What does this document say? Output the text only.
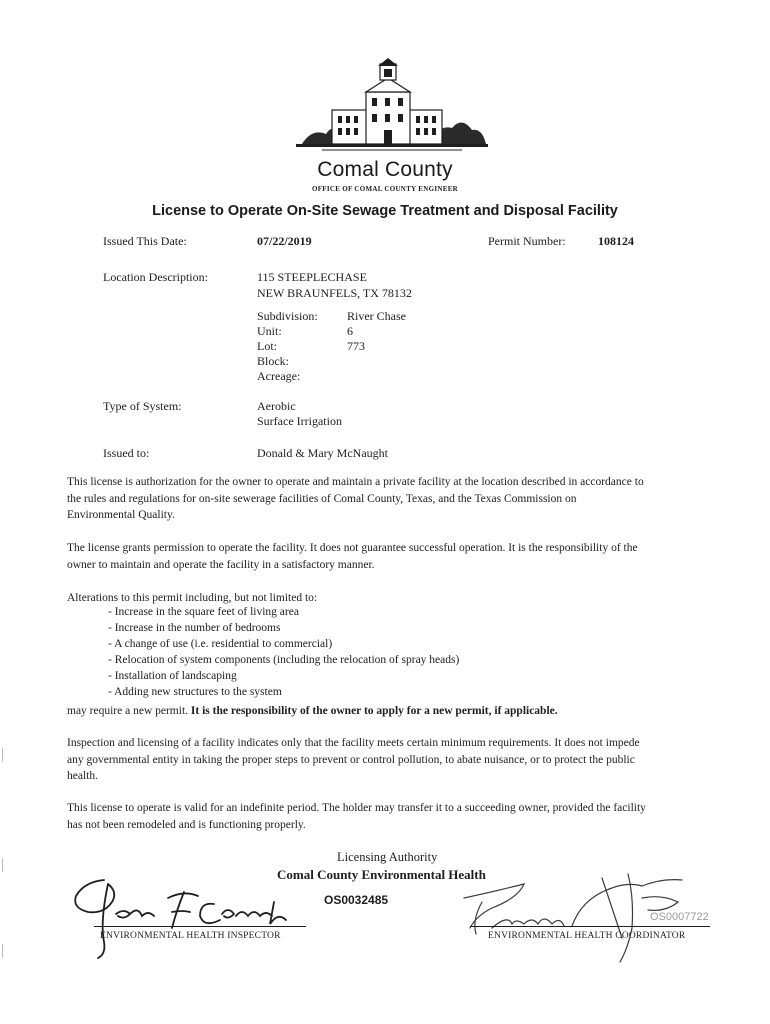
Comal County
OFFICE OF COMAL COUNTY ENGINEER
License to Operate On-Site Sewage Treatment and Disposal Facility
Issued This Date:	07/22/2019	Permit Number:	108124
Location Description:	115 STEEPLECHASE
NEW BRAUNFELS, TX 78132
Subdivision: River Chase
Unit:	6
Lot:	773
Block:
Acreage:
Type of System:	Aerobic
Surface Irrigation
Issued to:	Donald & Mary McNaught
This license is authorization for the owner to operate and maintain a private facility at the location described in accordance to the rules and regulations for on-site sewerage facilities of Comal County, Texas, and the Texas Commission on Environmental Quality.
The license grants permission to operate the facility. It does not guarantee successful operation. It is the responsibility of the owner to maintain and operate the facility in a satisfactory manner.
Alterations to this permit including, but not limited to:
- Increase in the square feet of living area
- Increase in the number of bedrooms
- A change of use (i.e. residential to commercial)
- Relocation of system components (including the relocation of spray heads)
- Installation of landscaping
- Adding new structures to the system
may require a new permit. It is the responsibility of the owner to apply for a new permit, if applicable.
Inspection and licensing of a facility indicates only that the facility meets certain minimum requirements. It does not impede any governmental entity in taking the proper steps to prevent or control pollution, to abate nuisance, or to protect the public health.
This license to operate is valid for an indefinite period. The holder may transfer it to a succeeding owner, provided the facility has not been remodeled and is functioning properly.
Licensing Authority
Comal County Environmental Health
ENVIRONMENTAL HEALTH INSPECTOR
OS0032485
ENVIRONMENTAL HEALTH COORDINATOR
OS0007722
